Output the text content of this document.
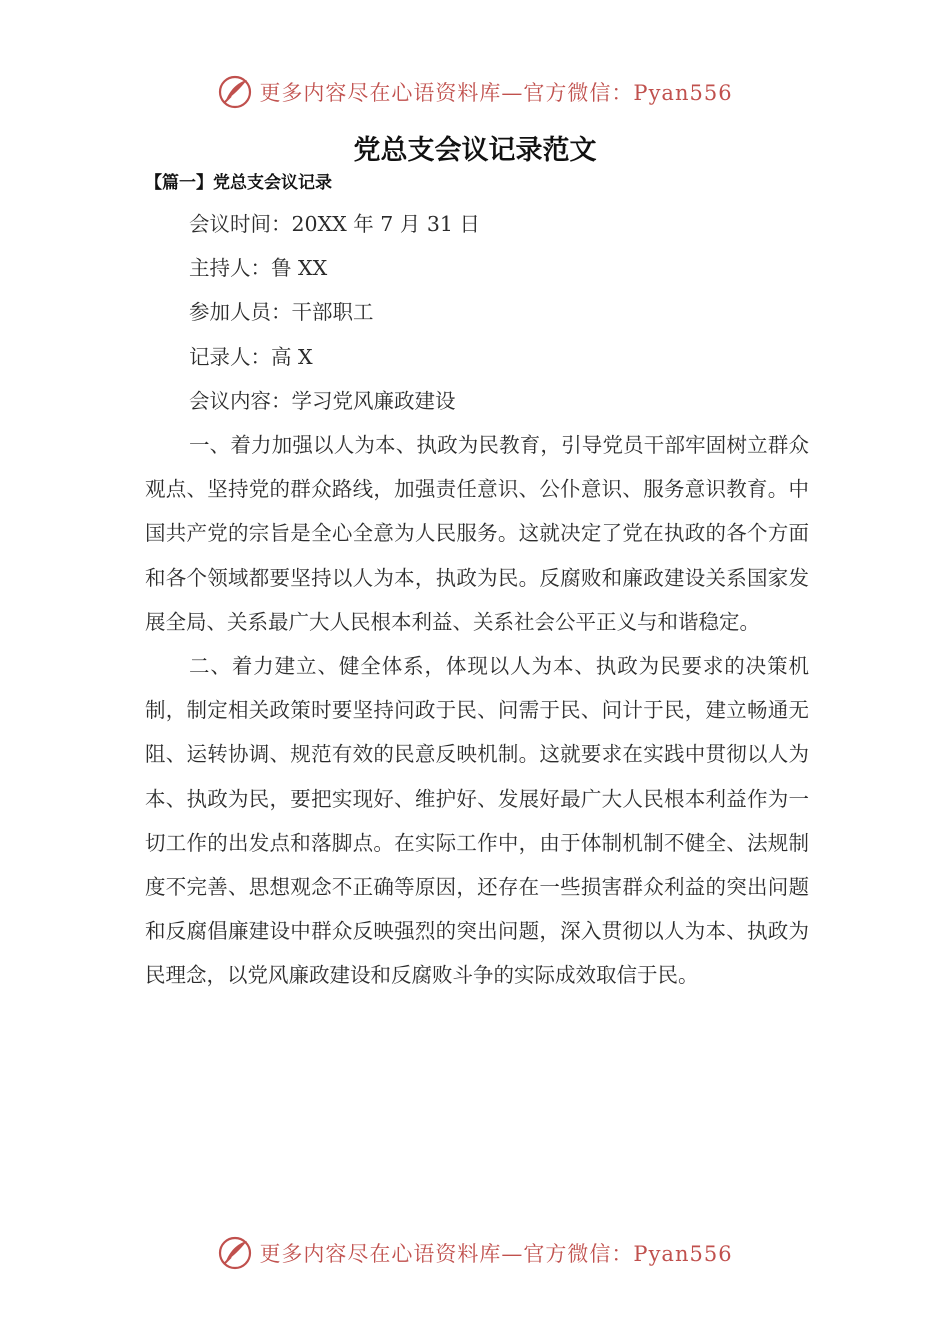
更多内容尽在心语资料库—官方微信：Pyan556
党总支会议记录范文
【篇一】党总支会议记录
会议时间：20XX 年 7 月 31 日
主持人：鲁 XX
参加人员：干部职工
记录人：高 X
会议内容：学习党风廉政建设

一、着力加强以人为本、执政为民教育，引导党员干部牢固树立群众观点、坚持党的群众路线，加强责任意识、公仆意识、服务意识教育。中国共产党的宗旨是全心全意为人民服务。这就决定了党在执政的各个方面和各个领域都要坚持以人为本，执政为民。反腐败和廉政建设关系国家发展全局、关系最广大人民根本利益、关系社会公平正义与和谐稳定。

二、着力建立、健全体系，体现以人为本、执政为民要求的决策机制，制定相关政策时要坚持问政于民、问需于民、问计于民，建立畅通无阻、运转协调、规范有效的民意反映机制。这就要求在实践中贯彻以人为本、执政为民，要把实现好、维护好、发展好最广大人民根本利益作为一切工作的出发点和落脚点。在实际工作中，由于体制机制不健全、法规制度不完善、思想观念不正确等原因，还存在一些损害群众利益的突出问题和反腐倡廉建设中群众反映强烈的突出问题，深入贯彻以人为本、执政为民理念，以党风廉政建设和反腐败斗争的实际成效取信于民。

更多内容尽在心语资料库—官方微信：Pyan556
